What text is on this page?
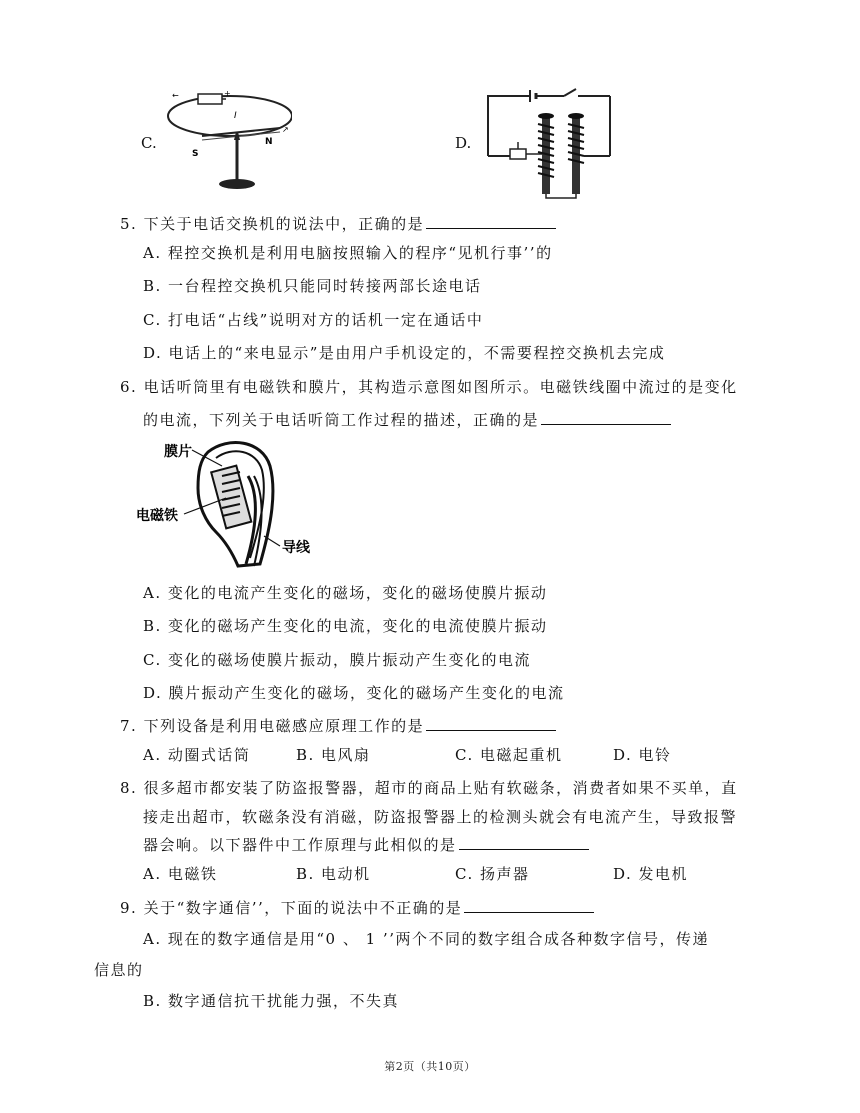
C.
←	+
I
S
N
↗
D.
5. 下关于电话交换机的说法中，正确的是
A. 程控交换机是利用电脑按照输入的程序“见机行事’’的
B. 一台程控交换机只能同时转接两部长途电话
C. 打电话“占线”说明对方的话机一定在通话中
D. 电话上的“来电显示”是由用户手机设定的，不需要程控交换机去完成
6. 电话听筒里有电磁铁和膜片，其构造示意图如图所示。电磁铁线圈中流过的是变化
的电流，下列关于电话听筒工作过程的描述，正确的是
膜片
电磁铁
导线
A. 变化的电流产生变化的磁场，变化的磁场使膜片振动
B. 变化的磁场产生变化的电流，变化的电流使膜片振动
C. 变化的磁场使膜片振动，膜片振动产生变化的电流
D. 膜片振动产生变化的磁场，变化的磁场产生变化的电流
7. 下列设备是利用电磁感应原理工作的是
A. 动圈式话筒	B. 电风扇	C. 电磁起重机	D. 电铃
8. 很多超市都安装了防盗报警器，超市的商品上贴有软磁条，消费者如果不买单，直
接走出超市，软磁条没有消磁，防盗报警器上的检测头就会有电流产生，导致报警
器会响。以下器件中工作原理与此相似的是
A. 电磁铁	B. 电动机	C. 扬声器	D. 发电机
9. 关于“数字通信’’，下面的说法中不正确的是
A. 现在的数字通信是用“0 、 1 ’’两个不同的数字组合成各种数字信号，传递
信息的
B. 数字通信抗干扰能力强，不失真
第2页（共10页）
